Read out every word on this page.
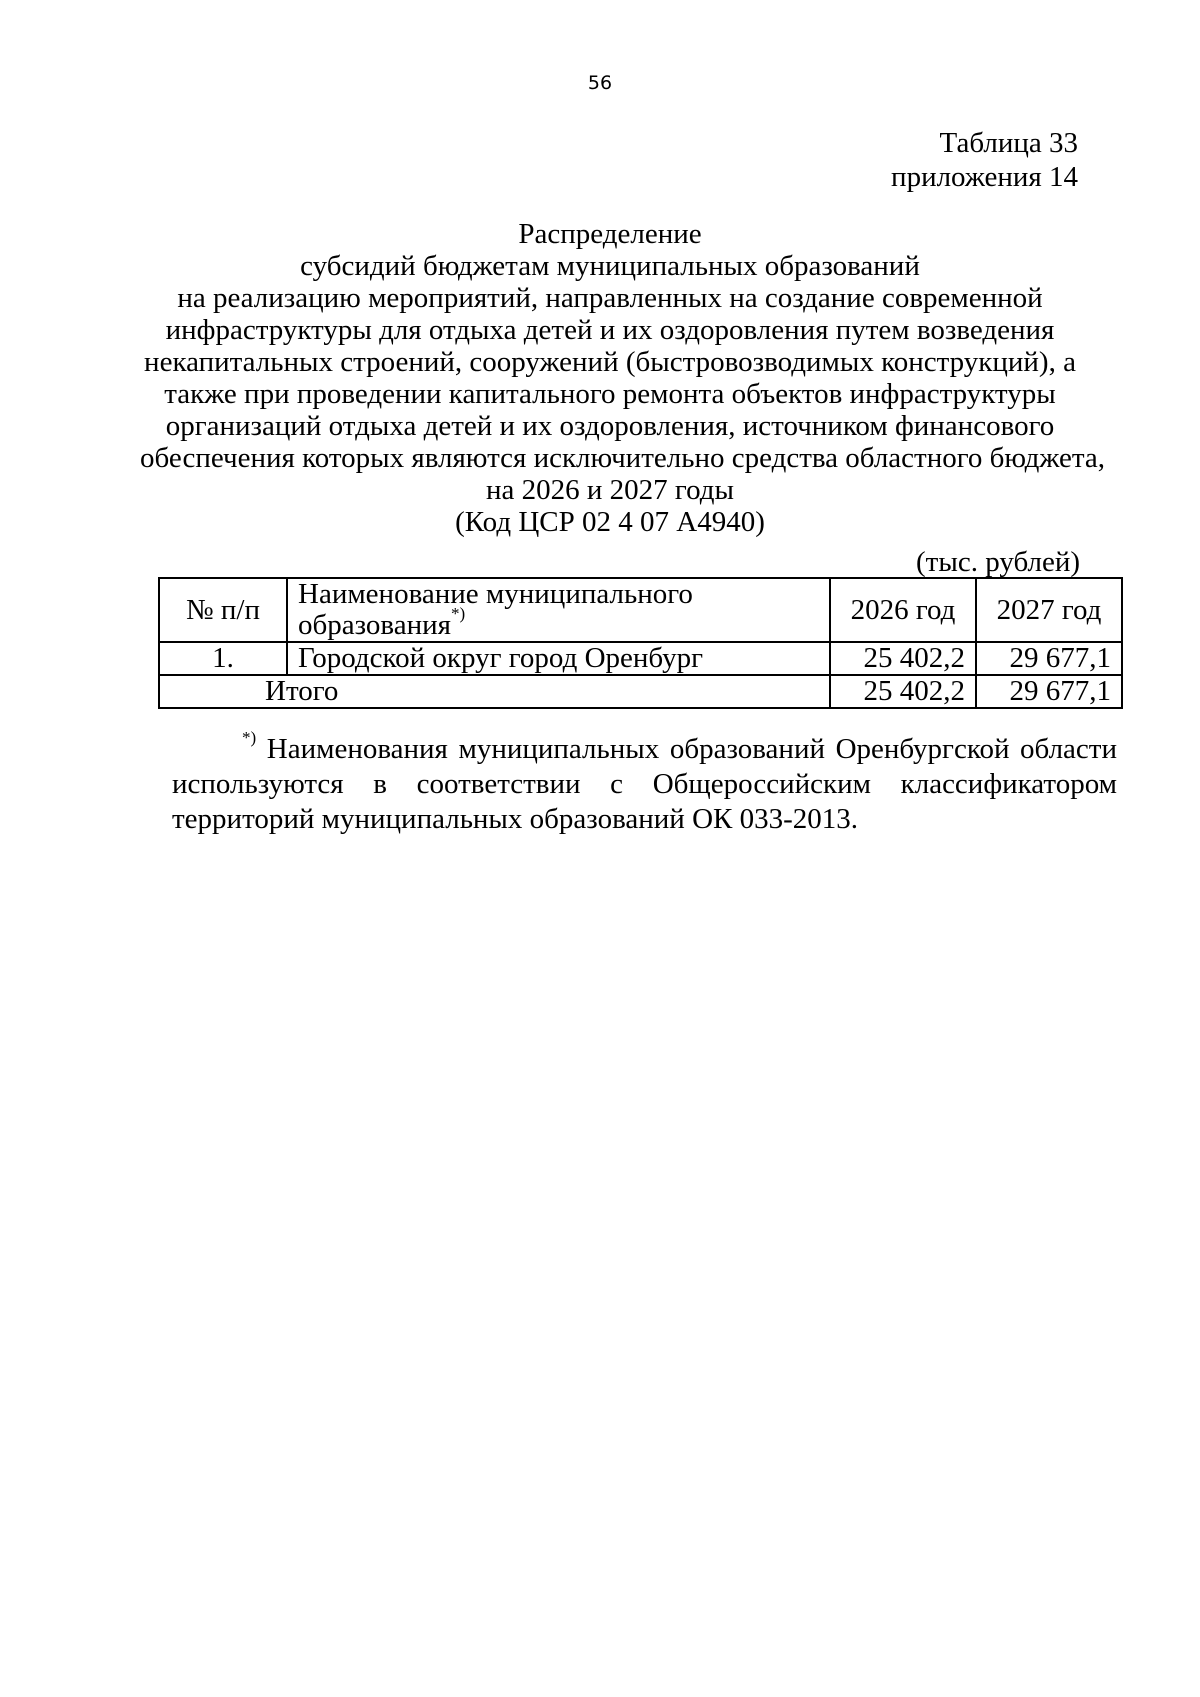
56
Таблица 33
приложения 14
Распределение
субсидий бюджетам муниципальных образований
на реализацию мероприятий, направленных на создание современной
инфраструктуры для отдыха детей и их оздоровления путем возведения
некапитальных строений, сооружений (быстровозводимых конструкций), а
также при проведении капитального ремонта объектов инфраструктуры
организаций отдыха детей и их оздоровления, источником финансового
обеспечения которых являются исключительно средства областного бюджета,
на 2026 и 2027 годы
(Код ЦСР 02 4 07 А4940)
(тыс. рублей)
№ п/п	Наименование муниципального образования*)	2026 год	2027 год
1.	Городской округ город Оренбург	25 402,2	29 677,1
Итого		25 402,2	29 677,1
*) Наименования муниципальных образований Оренбургской области используются в соответствии с Общероссийским классификатором территорий муниципальных образований ОК 033-2013.
